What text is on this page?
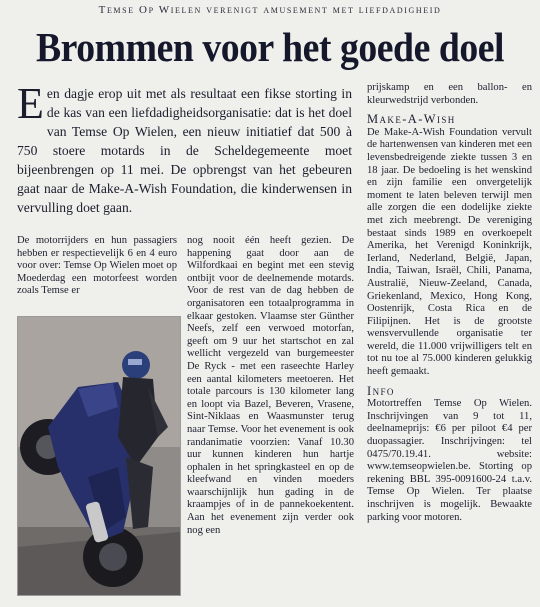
Temse Op Wielen verenigt amusement met liefdadigheid
Brommen voor het goede doel
Een dagje erop uit met als resultaat een fikse storting in de kas van een liefdadigheidsorganisatie: dat is het doel van Temse Op Wielen, een nieuw initiatief dat 500 à 750 stoere motards in de Scheldegemeente moet bijeenbrengen op 11 mei. De opbrengst van het gebeuren gaat naar de Make-A-Wish Foundation, die kinderwensen in vervulling doet gaan.

De motorrijders en hun passagiers hebben er respectievelijk 6 en 4 euro voor over: Temse Op Wielen moet op Moederdag een motorfeest worden zoals Temse er

nog nooit één heeft gezien. De happening gaat door aan de Wilfordkaai en begint met een stevig ontbijt voor de deelnemende motards. Voor de rest van de dag hebben de organisatoren een totaalprogramma in elkaar gestoken. Vlaamse ster Günther Neefs, zelf een verwoed motorfan, geeft om 9 uur het startschot en zal wellicht vergezeld van burgemeester De Ryck - met een raseechte Harley een aantal kilometers meetoeren. Het totale parcours is 130 kilometer lang en loopt via Bazel, Beveren, Vrasene, Sint-Niklaas en Waasmunster terug naar Temse. Voor het evenement is ook randanimatie voorzien: Vanaf 10.30 uur kunnen kinderen hun hartje ophalen in het springkasteel en op de kleefwand en vinden moeders waarschijnlijk hun gading in de kraampjes of in de pannekoekentent. Aan het evenement zijn verder ook nog een

prijskamp en een ballon- en kleurwedstrijd verbonden.

Make-A-Wish

De Make-A-Wish Foundation vervult de hartenwensen van kinderen met een levensbedreigende ziekte tussen 3 en 18 jaar. De bedoeling is het wenskind en zijn familie een onvergetelijk moment te laten beleven terwijl men alle zorgen die een dodelijke ziekte met zich meebrengt. De vereniging bestaat sinds 1989 en overkoepelt Amerika, het Verenigd Koninkrijk, Ierland, Nederland, België, Japan, India, Taiwan, Israël, Chili, Panama, Australië, Nieuw-Zeeland, Canada, Griekenland, Mexico, Hong Kong, Oostenrijk, Costa Rica en de Filipijnen. Het is de grootste wensvervullende organisatie ter wereld, die 11.000 vrijwilligers telt en tot nu toe al 75.000 kinderen gelukkig heeft gemaakt.

Info

Motortreffen Temse Op Wielen. Inschrijvingen van 9 tot 11, deelnameprijs: €6 per piloot €4 per duopassagier. Inschrijvingen: tel 0475/70.19.41. website: www.temseopwielen.be. Storting op rekening BBL 395-0091600-24 t.a.v. Temse Op Wielen. Ter plaatse inschrijven is mogelijk. Bewaakte parking voor motoren.
